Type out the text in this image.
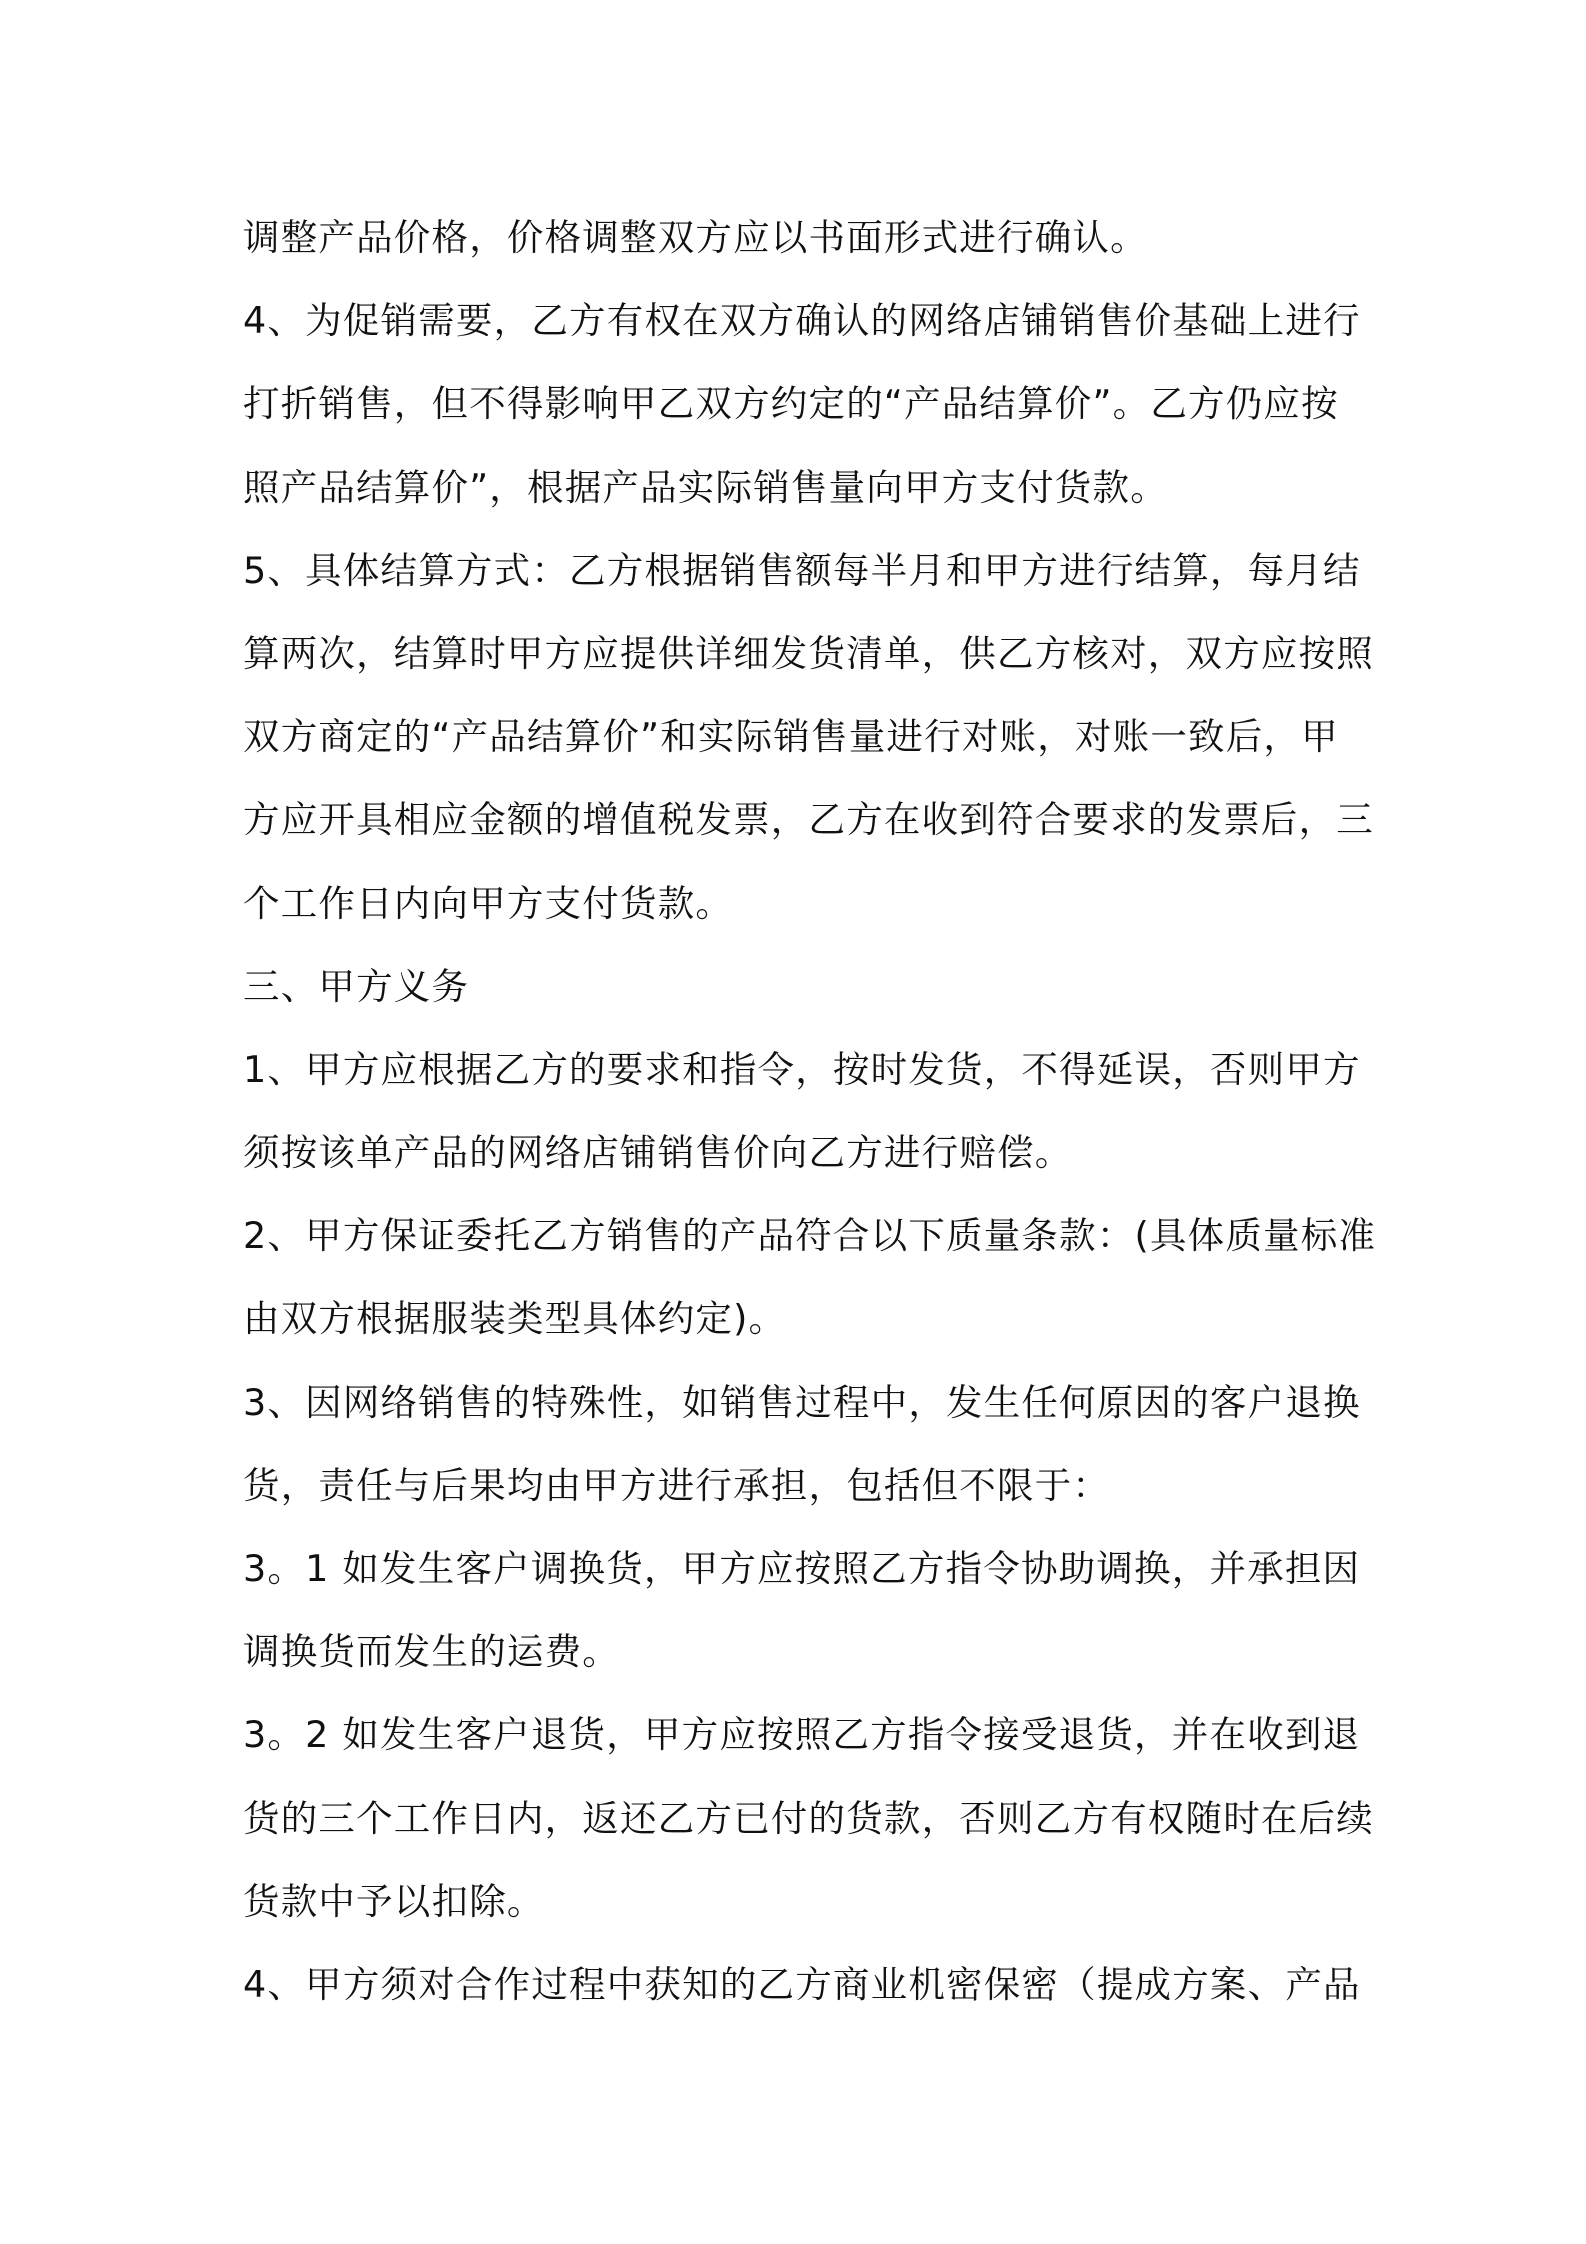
调整产品价格，价格调整双方应以书面形式进行确认。
4、为促销需要，乙方有权在双方确认的网络店铺销售价基础上进行
打折销售，但不得影响甲乙双方约定的“产品结算价”。乙方仍应按
照产品结算价”，根据产品实际销售量向甲方支付货款。
5、具体结算方式：乙方根据销售额每半月和甲方进行结算，每月结
算两次，结算时甲方应提供详细发货清单，供乙方核对，双方应按照
双方商定的“产品结算价”和实际销售量进行对账，对账一致后，甲
方应开具相应金额的增值税发票，乙方在收到符合要求的发票后，三
个工作日内向甲方支付货款。
三、甲方义务
1、甲方应根据乙方的要求和指令，按时发货，不得延误，否则甲方
须按该单产品的网络店铺销售价向乙方进行赔偿。
2、甲方保证委托乙方销售的产品符合以下质量条款：(具体质量标准
由双方根据服装类型具体约定)。
3、因网络销售的特殊性，如销售过程中，发生任何原因的客户退换
货，责任与后果均由甲方进行承担，包括但不限于：
3。1 如发生客户调换货，甲方应按照乙方指令协助调换，并承担因
调换货而发生的运费。
3。2 如发生客户退货，甲方应按照乙方指令接受退货，并在收到退
货的三个工作日内，返还乙方已付的货款，否则乙方有权随时在后续
货款中予以扣除。
4、甲方须对合作过程中获知的乙方商业机密保密（提成方案、产品
